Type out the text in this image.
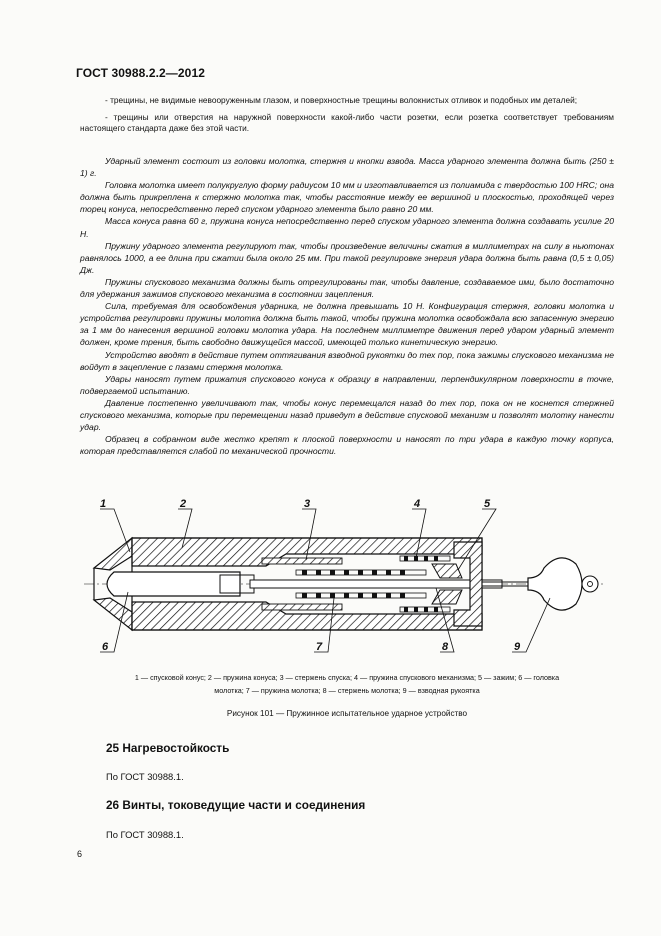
ГОСТ 30988.2.2—2012

- трещины, не видимые невооруженным глазом, и поверхностные трещины волокнистых отливок и подобных им деталей;

- трещины или отверстия на наружной поверхности какой-либо части розетки, если розетка соответствует требованиям настоящего стандарта даже без этой части.

Ударный элемент состоит из головки молотка, стержня и кнопки взвода. Масса ударного элемента должна быть (250 ± 1) г.

Головка молотка имеет полукруглую форму радиусом 10 мм и изготавливается из полиамида с твердостью 100 HRC; она должна быть прикреплена к стержню молотка так, чтобы расстояние между ее вершиной и плоскостью, проходящей через торец конуса, непосредственно перед спуском ударного элемента было равно 20 мм.

Масса конуса равна 60 г, пружина конуса непосредственно перед спуском ударного элемента должна создавать усилие 20 Н.

Пружину ударного элемента регулируют так, чтобы произведение величины сжатия в миллиметрах на силу в ньютонах равнялось 1000, а ее длина при сжатии была около 25 мм. При такой регулировке энергия удара должна быть равна (0,5 ± 0,05) Дж.

Пружины спускового механизма должны быть отрегулированы так, чтобы давление, создаваемое ими, было достаточно для удержания зажимов спускового механизма в состоянии зацепления.

Сила, требуемая для освобождения ударника, не должна превышать 10 Н. Конфигурация стержня, головки молотка и устройства регулировки пружины молотка должна быть такой, чтобы пружина молотка освобождала всю запасенную энергию за 1 мм до нанесения вершиной головки молотка удара. На последнем миллиметре движения перед ударом ударный элемент должен, кроме трения, быть свободно движущейся массой, имеющей только кинетическую энергию.

Устройство вводят в действие путем оттягивания взводной рукоятки до тех пор, пока зажимы спускового механизма не войдут в зацепление с пазами стержня молотка.

Удары наносят путем прижатия спускового конуса к образцу в направлении, перпендикулярном поверхности в точке, подвергаемой испытанию.

Давление постепенно увеличивают так, чтобы конус перемещался назад до тех пор, пока он не коснется стержней спускового механизма, которые при перемещении назад приведут в действие спусковой механизм и позволят молотку нанести удар.

Образец в собранном виде жестко крепят к плоской поверхности и наносят по три удара в каждую точку корпуса, которая представляется слабой по механической прочности.

1	2	3	4	5
6	7	8	9
1 — спусковой конус; 2 — пружина конуса; 3 — стержень спуска; 4 — пружина спускового механизма; 5 — зажим; 6 — головка
молотка; 7 — пружина молотка; 8 — стержень молотка; 9 — взводная рукоятка
Рисунок 101 — Пружинное испытательное ударное устройство
25 Нагревостойкость
По ГОСТ 30988.1.
26 Винты, токоведущие части и соединения
По ГОСТ 30988.1.
6
